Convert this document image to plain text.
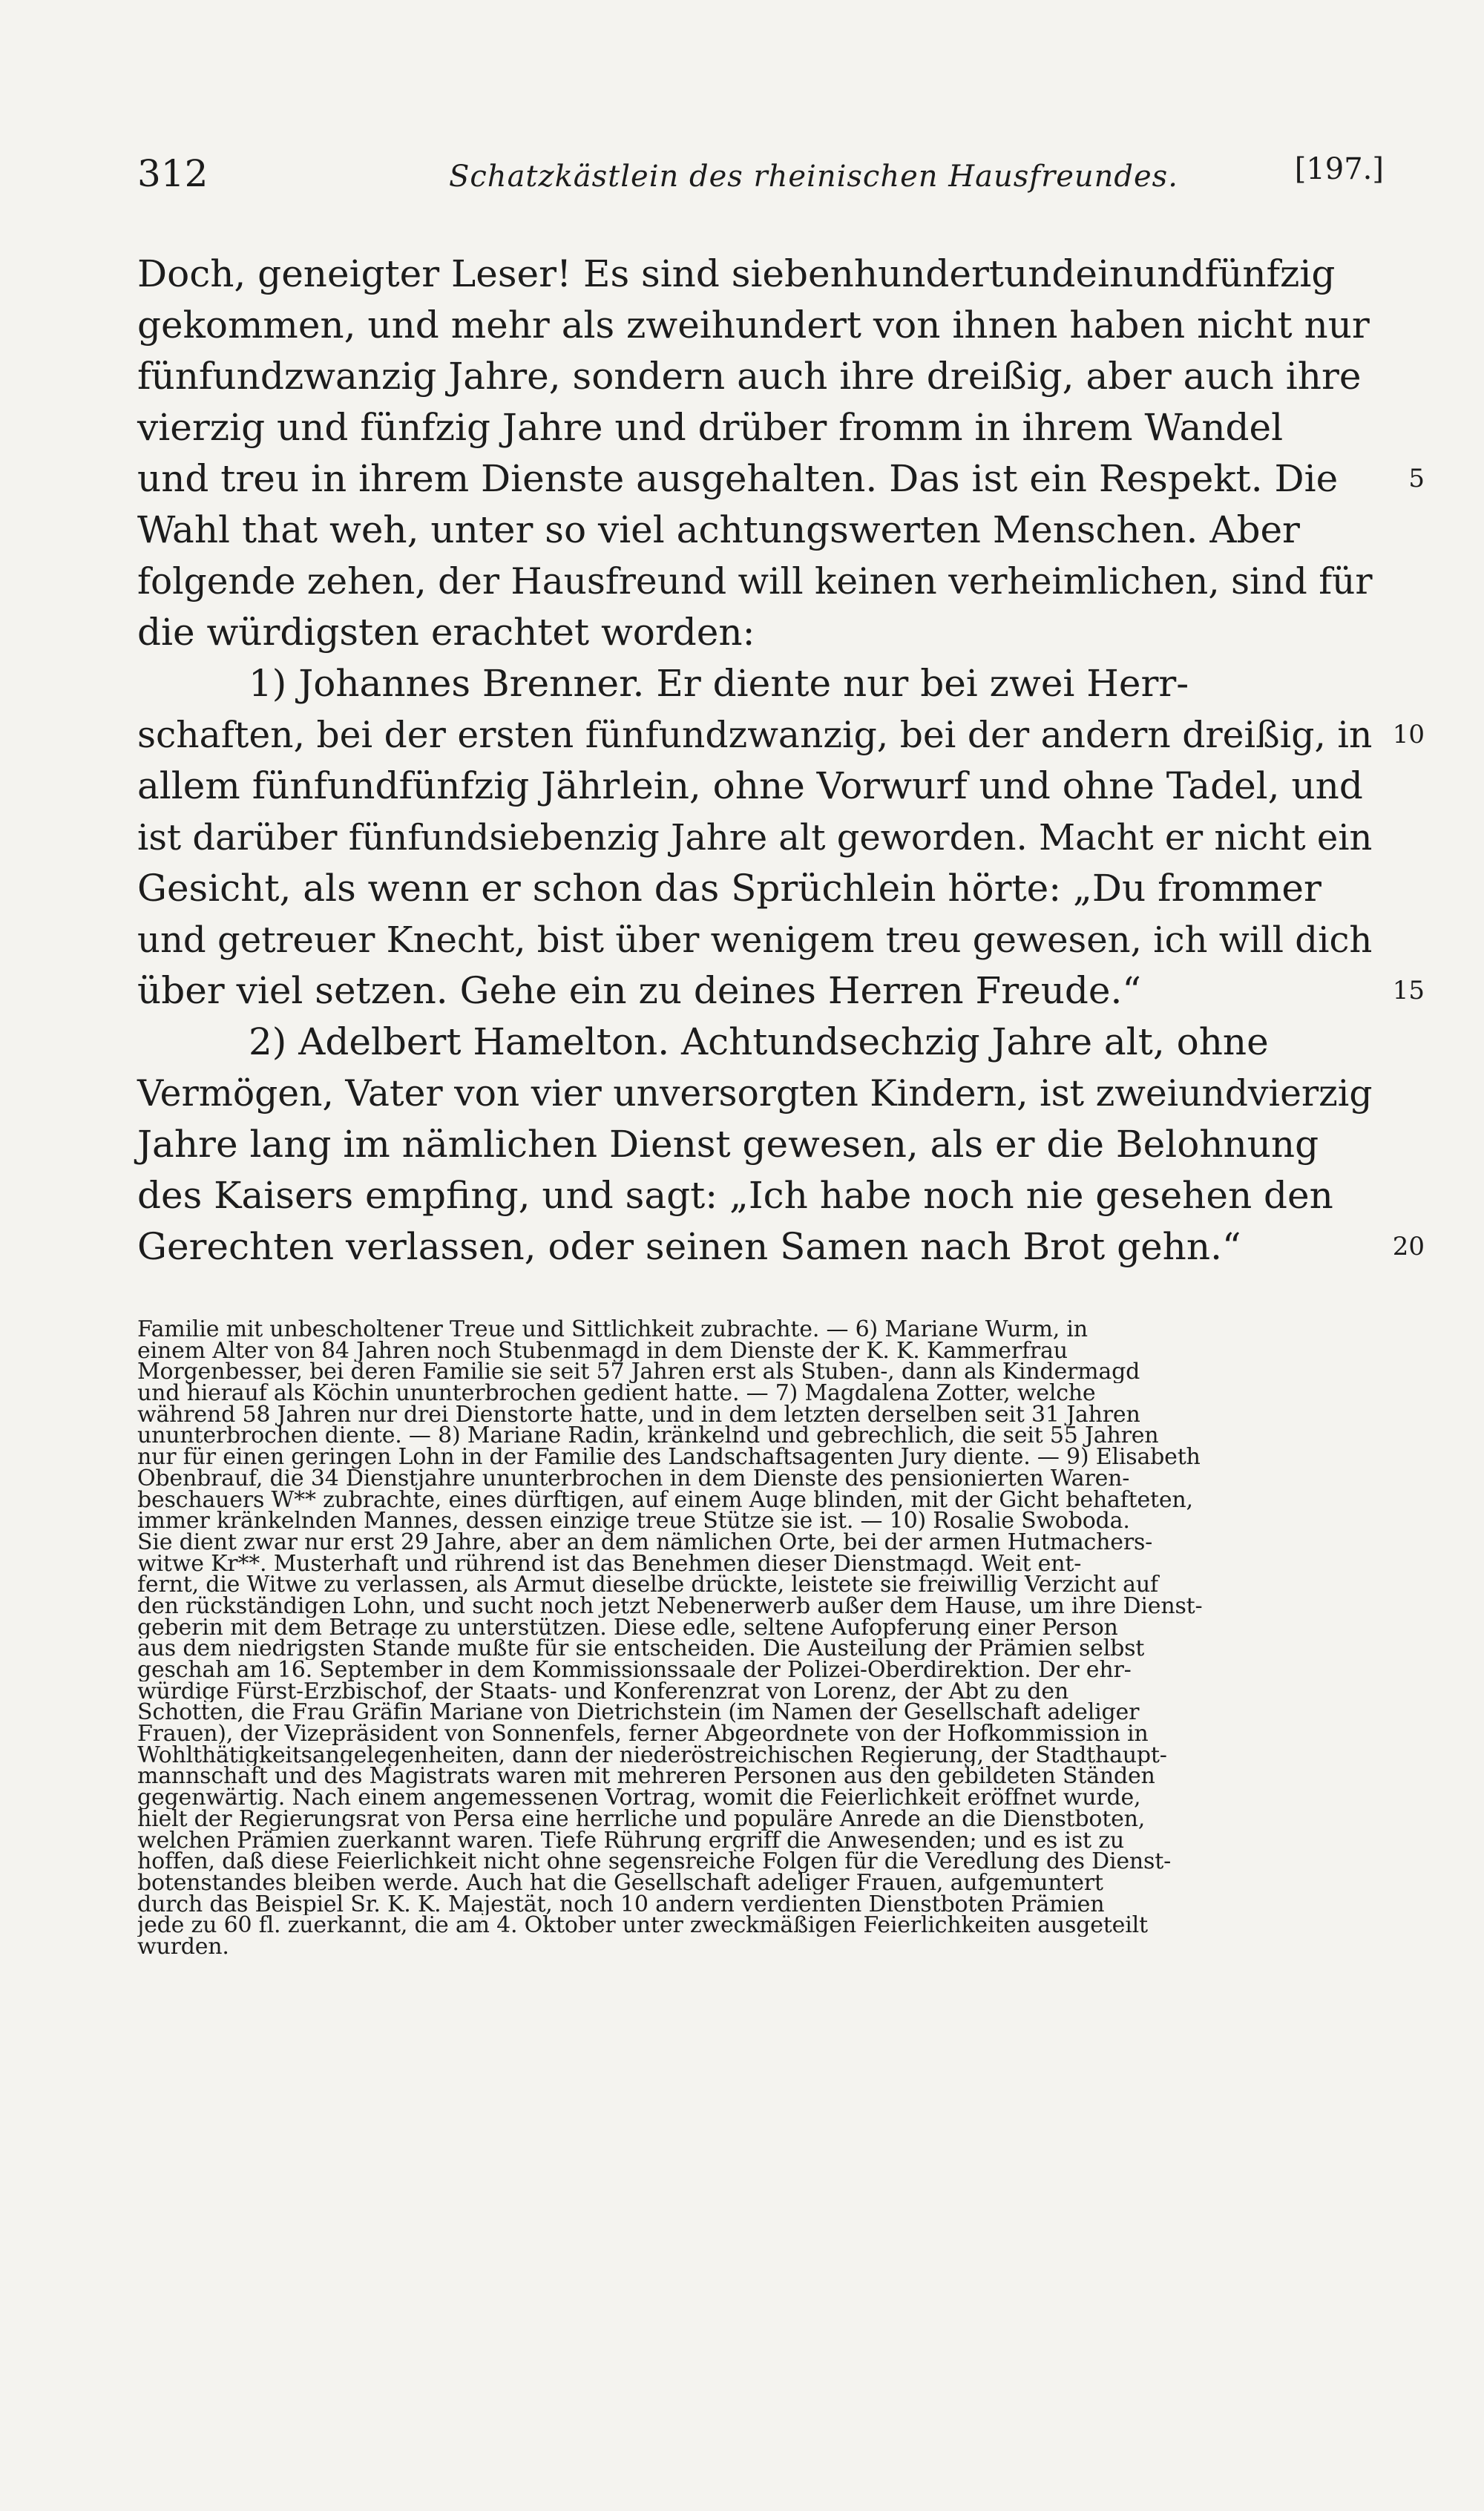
312	Schatzkästlein des rheinischen Hausfreundes.	[197.]
Doch, geneigter Leser! Es sind siebenhundertundeinundfünfzig
gekommen, und mehr als zweihundert von ihnen haben nicht nur
fünfundzwanzig Jahre, sondern auch ihre dreißig, aber auch ihre
vierzig und fünfzig Jahre und drüber fromm in ihrem Wandel
und treu in ihrem Dienste ausgehalten. Das ist ein Respekt. Die	5
Wahl that weh, unter so viel achtungswerten Menschen. Aber
folgende zehen, der Hausfreund will keinen verheimlichen, sind für
die würdigsten erachtet worden:
1) Johannes Brenner. Er diente nur bei zwei Herr-
schaften, bei der ersten fünfundzwanzig, bei der andern dreißig, in 10
allem fünfundfünfzig Jährlein, ohne Vorwurf und ohne Tadel, und
ist darüber fünfundsiebenzig Jahre alt geworden. Macht er nicht ein
Gesicht, als wenn er schon das Sprüchlein hörte: „Du frommer
und getreuer Knecht, bist über wenigem treu gewesen, ich will dich
über viel setzen. Gehe ein zu deines Herren Freude.“	15
2) Adelbert Hamelton. Achtundsechzig Jahre alt, ohne
Vermögen, Vater von vier unversorgten Kindern, ist zweiundvierzig
Jahre lang im nämlichen Dienst gewesen, als er die Belohnung
des Kaisers empfing, und sagt: „Ich habe noch nie gesehen den
Gerechten verlassen, oder seinen Samen nach Brot gehn.“	20
Familie mit unbescholtener Treue und Sittlichkeit zubrachte. — 6) Mariane Wurm, in
einem Alter von 84 Jahren noch Stubenmagd in dem Dienste der K. K. Kammerfrau
Morgenbesser, bei deren Familie sie seit 57 Jahren erst als Stuben-, dann als Kindermagd
und hierauf als Köchin ununterbrochen gedient hatte. — 7) Magdalena Zotter, welche
während 58 Jahren nur drei Dienstorte hatte, und in dem letzten derselben seit 31 Jahren
ununterbrochen diente. — 8) Mariane Radin, kränkelnd und gebrechlich, die seit 55 Jahren
nur für einen geringen Lohn in der Familie des Landschaftsagenten Jury diente. — 9) Elisabeth
Obenbrauf, die 34 Dienstjahre ununterbrochen in dem Dienste des pensionierten Waren-
beschauers W** zubrachte, eines dürftigen, auf einem Auge blinden, mit der Gicht behafteten,
immer kränkelnden Mannes, dessen einzige treue Stütze sie ist. — 10) Rosalie Swoboda.
Sie dient zwar nur erst 29 Jahre, aber an dem nämlichen Orte, bei der armen Hutmachers-
witwe Kr**. Musterhaft und rührend ist das Benehmen dieser Dienstmagd. Weit ent-
fernt, die Witwe zu verlassen, als Armut dieselbe drückte, leistete sie freiwillig Verzicht auf
den rückständigen Lohn, und sucht noch jetzt Nebenerwerb außer dem Hause, um ihre Dienst-
geberin mit dem Betrage zu unterstützen. Diese edle, seltene Aufopferung einer Person
aus dem niedrigsten Stande mußte für sie entscheiden. Die Austeilung der Prämien selbst
geschah am 16. September in dem Kommissionssaale der Polizei-Oberdirektion. Der ehr-
würdige Fürst-Erzbischof, der Staats- und Konferenzrat von Lorenz, der Abt zu den
Schotten, die Frau Gräfin Mariane von Dietrichstein (im Namen der Gesellschaft adeliger
Frauen), der Vizepräsident von Sonnenfels, ferner Abgeordnete von der Hofkommission in
Wohlthätigkeitsangelegenheiten, dann der niederöstreichischen Regierung, der Stadthaupt-
mannschaft und des Magistrats waren mit mehreren Personen aus den gebildeten Ständen
gegenwärtig. Nach einem angemessenen Vortrag, womit die Feierlichkeit eröffnet wurde,
hielt der Regierungsrat von Persa eine herrliche und populäre Anrede an die Dienstboten,
welchen Prämien zuerkannt waren. Tiefe Rührung ergriff die Anwesenden; und es ist zu
hoffen, daß diese Feierlichkeit nicht ohne segensreiche Folgen für die Veredlung des Dienst-
botenstandes bleiben werde. Auch hat die Gesellschaft adeliger Frauen, aufgemuntert
durch das Beispiel Sr. K. K. Majestät, noch 10 andern verdienten Dienstboten Prämien
jede zu 60 fl. zuerkannt, die am 4. Oktober unter zweckmäßigen Feierlichkeiten ausgeteilt
wurden.
